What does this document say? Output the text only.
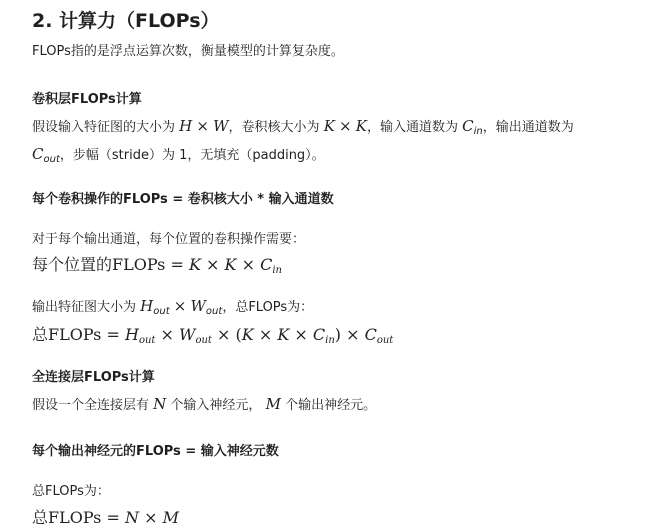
2. 计算力（FLOPs）
FLOPs指的是浮点运算次数，衡量模型的计算复杂度。
卷积层FLOPs计算
假设输入特征图的大小为 H × W，卷积核大小为 K × K，输入通道数为 $C_{in}$，输出通道数为
$C_{out}$，步幅（stride）为 1，无填充（padding）。
每个卷积操作的FLOPs = 卷积核大小 * 输入通道数
对于每个输出通道，每个位置的卷积操作需要：
每个位置的FLOPs = $K \times K \times C_{in}$
输出特征图大小为 $H_{out} \times W_{out}$，总FLOPs为：
总FLOPs = $H_{out} \times W_{out} \times (K \times K \times C_{in}) \times C_{out}$
全连接层FLOPs计算
假设一个全连接层有 N 个输入神经元， M 个输出神经元。
每个输出神经元的FLOPs = 输入神经元数
总FLOPs为：
总FLOPs = N × M
